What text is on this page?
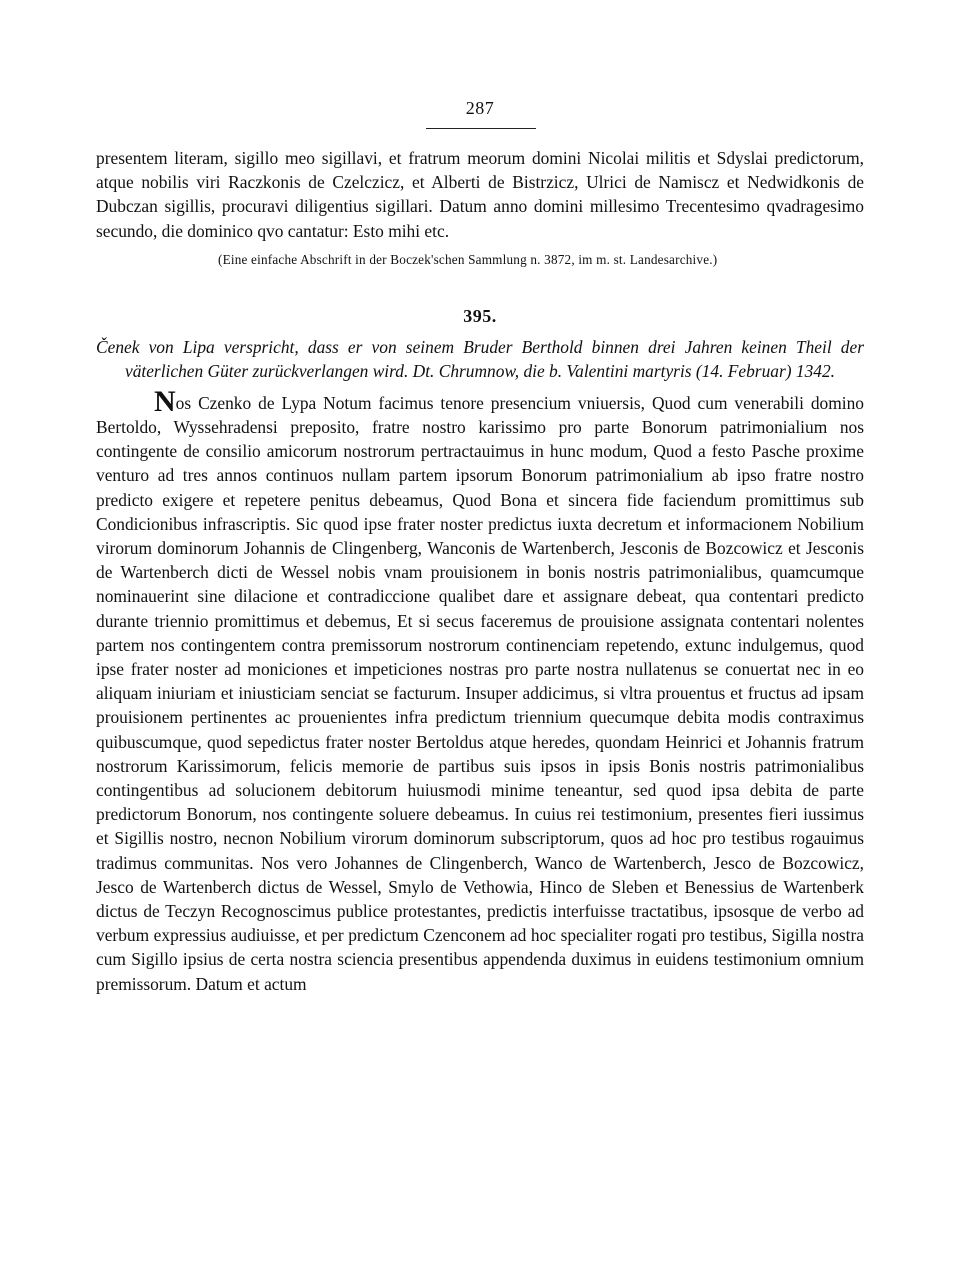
287

presentem literam, sigillo meo sigillavi, et fratrum meorum domini Nicolai militis et Sdyslai predictorum, atque nobilis viri Raczkonis de Czelczicz, et Alberti de Bistrzicz, Ulrici de Namiscz et Nedwidkonis de Dubczan sigillis, procuravi diligentius sigillari. Datum anno domini millesimo Trecentesimo qvadragesimo secundo, die dominico qvo cantatur: Esto mihi etc.

(Eine einfache Abschrift in der Boczek'schen Sammlung n. 3872, im m. st. Landesarchive.)

395.

Čenek von Lipa verspricht, dass er von seinem Bruder Berthold binnen drei Jahren keinen Theil der väterlichen Güter zurückverlangen wird. Dt. Chrumnow, die b. Valentini martyris (14. Februar) 1342.

Nos Czenko de Lypa Notum facimus tenore presencium vniuersis, Quod cum venerabili domino Bertoldo, Wyssehradensi preposito, fratre nostro karissimo pro parte Bonorum patrimonialium nos contingente de consilio amicorum nostrorum pertractauimus in hunc modum, Quod a festo Pasche proxime venturo ad tres annos continuos nullam partem ipsorum Bonorum patrimonialium ab ipso fratre nostro predicto exigere et repetere penitus debeamus, Quod Bona et sincera fide faciendum promittimus sub Condicionibus infrascriptis. Sic quod ipse frater noster predictus iuxta decretum et informacionem Nobilium virorum dominorum Johannis de Clingenberg, Wanconis de Wartenberch, Jesconis de Bozcowicz et Jesconis de Wartenberch dicti de Wessel nobis vnam prouisionem in bonis nostris patrimonialibus, quamcumque nominauerint sine dilacione et contradiccione qualibet dare et assignare debeat, qua contentari predicto durante triennio promittimus et debemus, Et si secus faceremus de prouisione assignata contentari nolentes partem nos contingentem contra premissorum nostrorum continenciam repetendo, extunc indulgemus, quod ipse frater noster ad moniciones et impeticiones nostras pro parte nostra nullatenus se conuertat nec in eo aliquam iniuriam et iniusticiam senciat se facturum. Insuper addicimus, si vltra prouentus et fructus ad ipsam prouisionem pertinentes ac prouenientes infra predictum triennium quecumque debita modis contraximus quibuscumque, quod sepedictus frater noster Bertoldus atque heredes, quondam Heinrici et Johannis fratrum nostrorum Karissimorum, felicis memorie de partibus suis ipsos in ipsis Bonis nostris patrimonialibus contingentibus ad solucionem debitorum huiusmodi minime teneantur, sed quod ipsa debita de parte predictorum Bonorum, nos contingente soluere debeamus. In cuius rei testimonium, presentes fieri iussimus et Sigillis nostro, necnon Nobilium virorum dominorum subscriptorum, quos ad hoc pro testibus rogauimus tradimus communitas. Nos vero Johannes de Clingenberch, Wanco de Wartenberch, Jesco de Bozcowicz, Jesco de Wartenberch dictus de Wessel, Smylo de Vethowia, Hinco de Sleben et Benessius de Wartenberk dictus de Teczyn Recognoscimus publice protestantes, predictis interfuisse tractatibus, ipsosque de verbo ad verbum expressius audiuisse, et per predictum Czenconem ad hoc specialiter rogati pro testibus, Sigilla nostra cum Sigillo ipsius de certa nostra sciencia presentibus appendenda duximus in euidens testimonium omnium premissorum. Datum et actum
